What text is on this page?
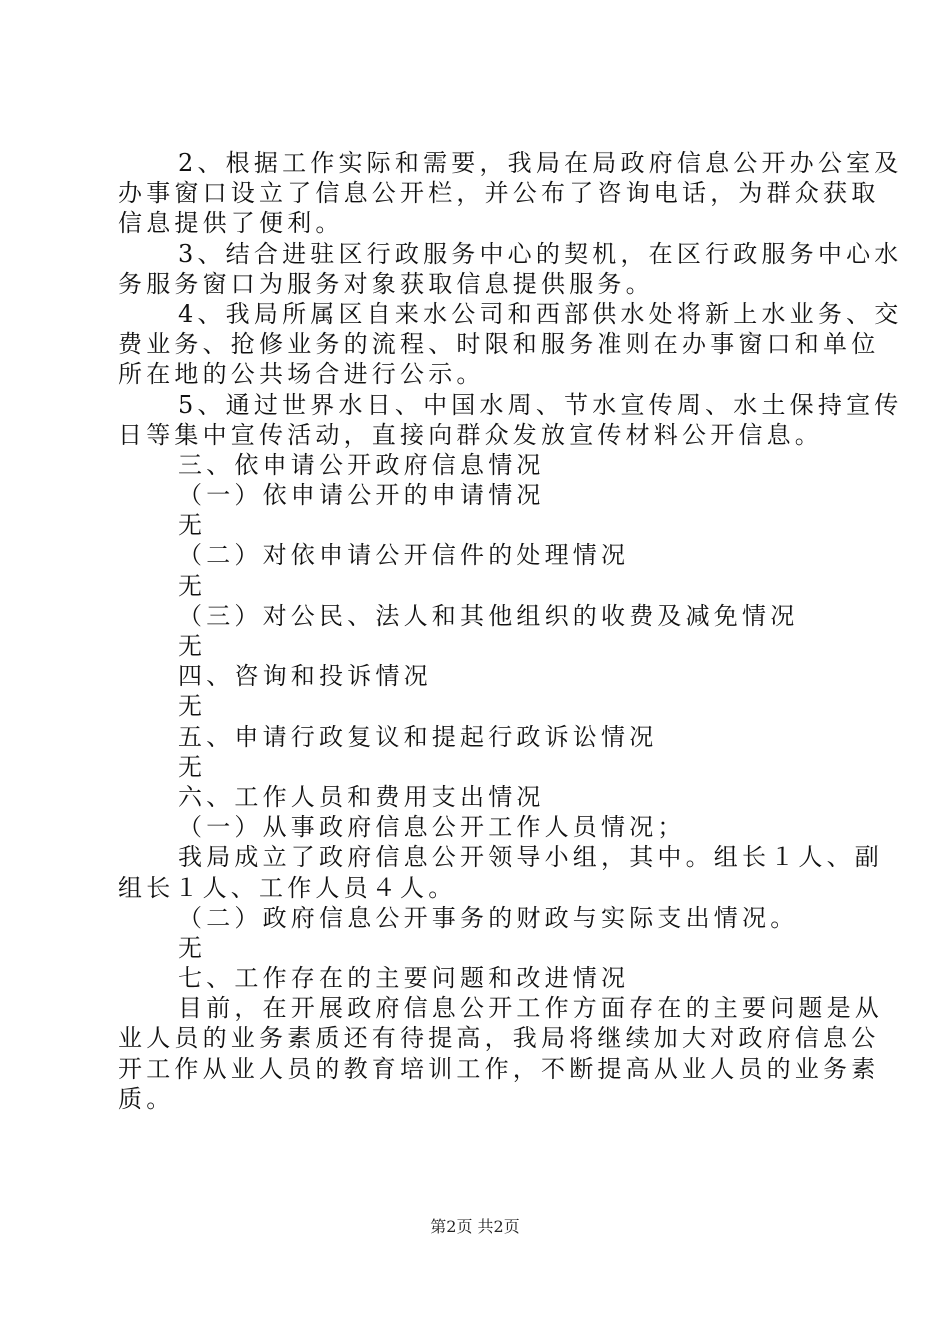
2、根据工作实际和需要，我局在局政府信息公开办公室及
办事窗口设立了信息公开栏，并公布了咨询电话，为群众获取
信息提供了便利。
3、结合进驻区行政服务中心的契机，在区行政服务中心水
务服务窗口为服务对象获取信息提供服务。
4、我局所属区自来水公司和西部供水处将新上水业务、交
费业务、抢修业务的流程、时限和服务准则在办事窗口和单位
所在地的公共场合进行公示。
5、通过世界水日、中国水周、节水宣传周、水土保持宣传
日等集中宣传活动，直接向群众发放宣传材料公开信息。
三、依申请公开政府信息情况
（一）依申请公开的申请情况
无
（二）对依申请公开信件的处理情况
无
（三）对公民、法人和其他组织的收费及减免情况
无
四、咨询和投诉情况
无
五、申请行政复议和提起行政诉讼情况
无
六、工作人员和费用支出情况
（一）从事政府信息公开工作人员情况；
我局成立了政府信息公开领导小组，其中。组长１人、副
组长１人、工作人员４人。
（二）政府信息公开事务的财政与实际支出情况。
无
七、工作存在的主要问题和改进情况
目前，在开展政府信息公开工作方面存在的主要问题是从
业人员的业务素质还有待提高，我局将继续加大对政府信息公
开工作从业人员的教育培训工作，不断提高从业人员的业务素
质。
第2页 共2页
